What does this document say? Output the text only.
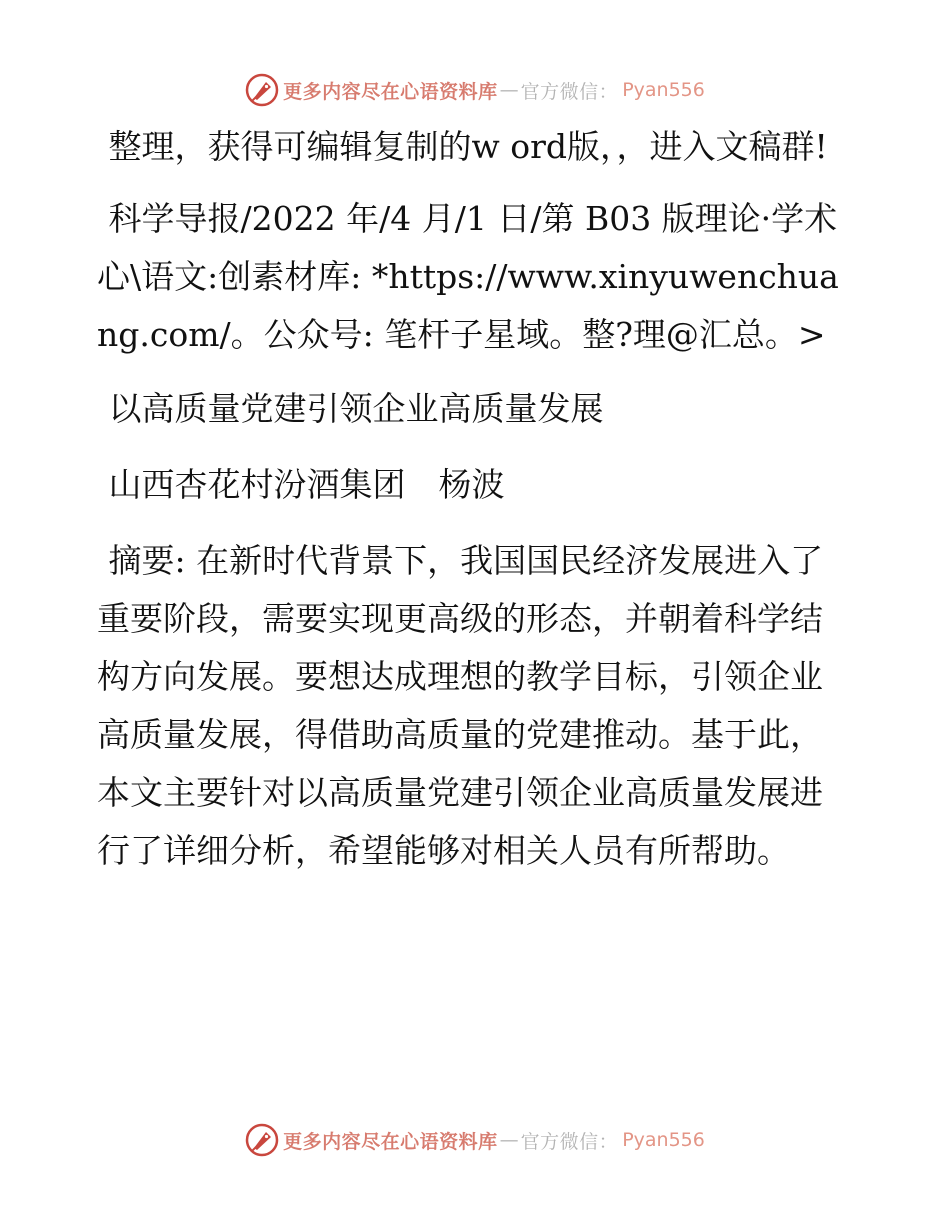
更多内容尽在心语资料库 — 官方微信： Pyan556

整理，获得可编辑复制的w ord版，，进入文稿群!

科学导报/2022 年/4 月/1 日/第 B03 版理论·学术心\语文:创素材库: *https://www.xinyuwenchuang.com/。公众号: 笔杆子星域。整?理@汇总。>

以高质量党建引领企业高质量发展

山西杏花村汾酒集团　杨波

摘要: 在新时代背景下，我国国民经济发展进入了重要阶段，需要实现更高级的形态，并朝着科学结构方向发展。要想达成理想的教学目标，引领企业高质量发展，得借助高质量的党建推动。基于此，本文主要针对以高质量党建引领企业高质量发展进行了详细分析，希望能够对相关人员有所帮助。

更多内容尽在心语资料库 — 官方微信： Pyan556
